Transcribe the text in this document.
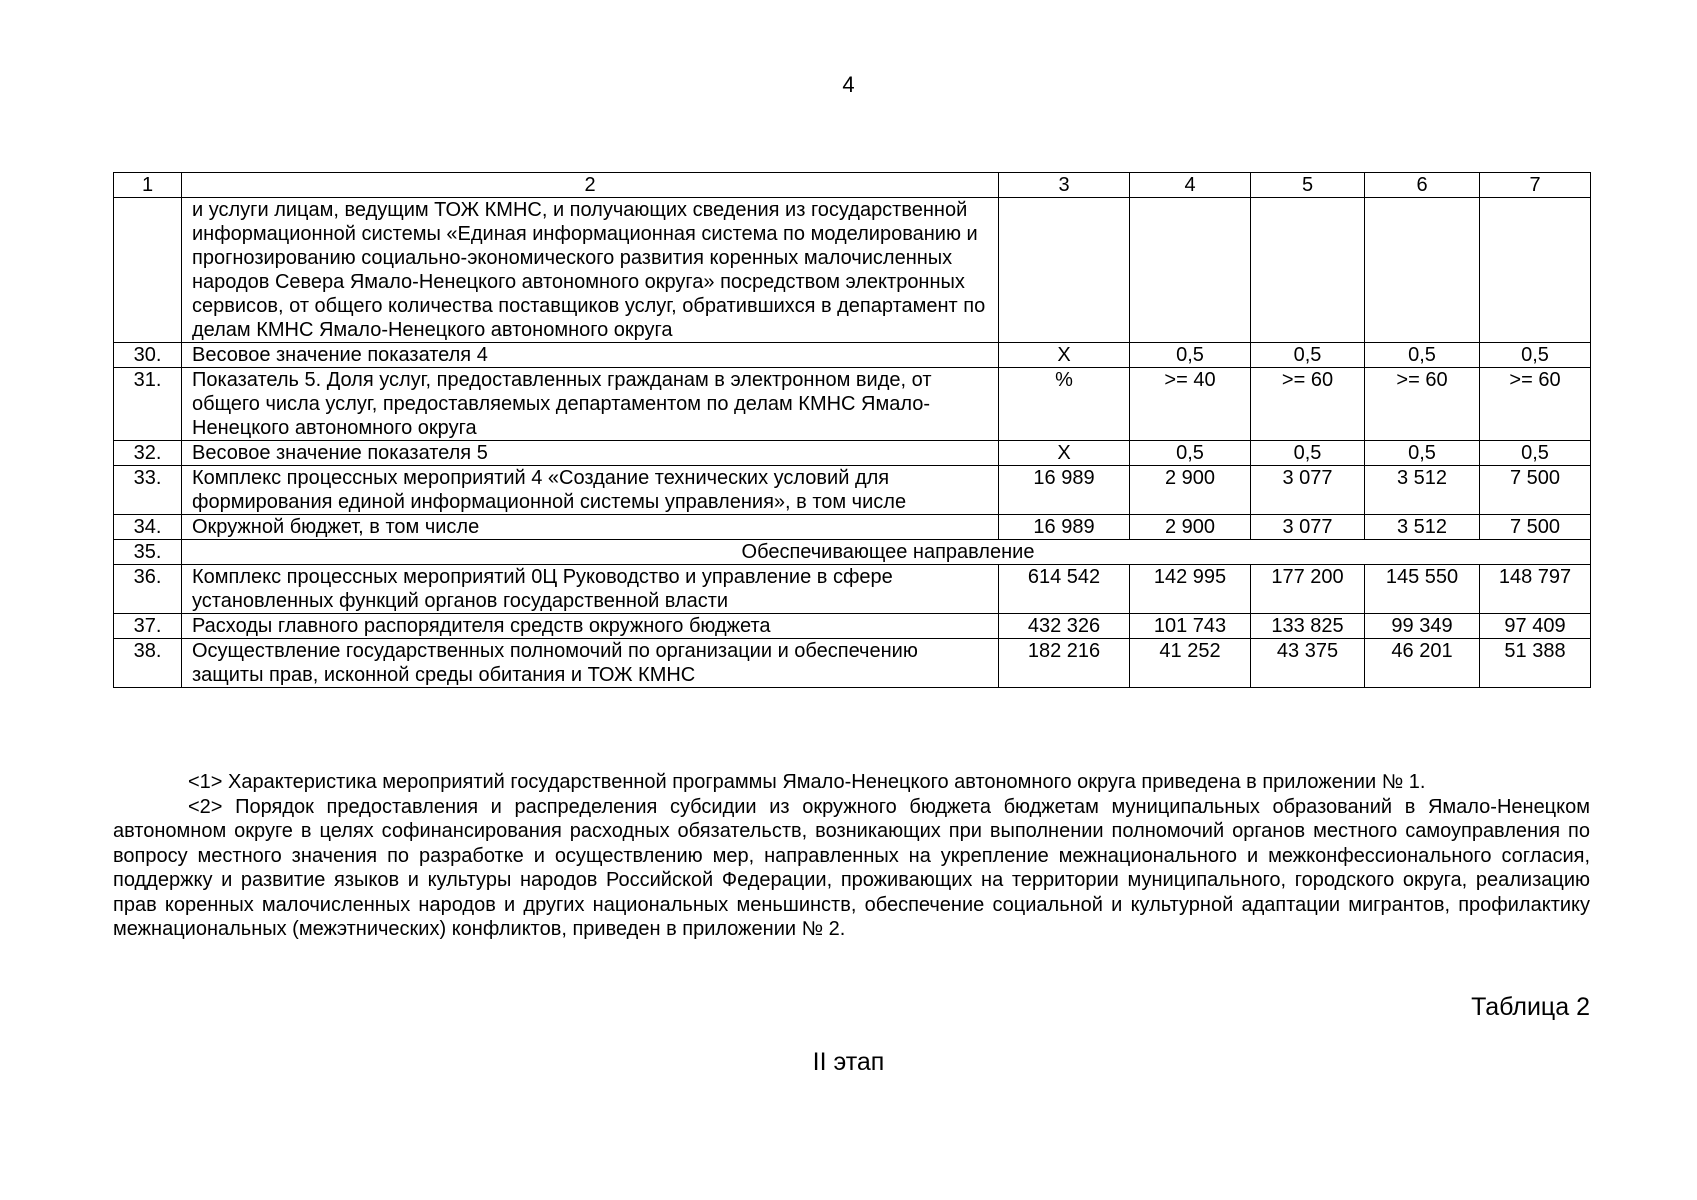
4
1	2	3	4	5	6	7
	и услуги лицам, ведущим ТОЖ КМНС, и получающих сведения из государственной информационной системы «Единая информационная система по моделированию и прогнозированию социально-экономического развития коренных малочисленных народов Севера Ямало-Ненецкого автономного округа» посредством электронных сервисов, от общего количества поставщиков услуг, обратившихся в департамент по делам КМНС Ямало-Ненецкого автономного округа					
30.	Весовое значение показателя 4	Х	0,5	0,5	0,5	0,5
31.	Показатель 5. Доля услуг, предоставленных гражданам в электронном виде, от общего числа услуг, предоставляемых департаментом по делам КМНС Ямало-Ненецкого автономного округа	%	>= 40	>= 60	>= 60	>= 60
32.	Весовое значение показателя 5	Х	0,5	0,5	0,5	0,5
33.	Комплекс процессных мероприятий 4 «Создание технических условий для формирования единой информационной системы управления», в том числе	16 989	2 900	3 077	3 512	7 500
34.	Окружной бюджет, в том числе	16 989	2 900	3 077	3 512	7 500
35.	Обеспечивающее направление					
36.	Комплекс процессных мероприятий 0Ц Руководство и управление в сфере установленных функций органов государственной власти	614 542	142 995	177 200	145 550	148 797
37.	Расходы главного распорядителя средств окружного бюджета	432 326	101 743	133 825	99 349	97 409
38.	Осуществление государственных полномочий по организации и обеспечению защиты прав, исконной среды обитания и ТОЖ КМНС	182 216	41 252	43 375	46 201	51 388

<1> Характеристика мероприятий государственной программы Ямало-Ненецкого автономного округа приведена в приложении № 1.

<2> Порядок предоставления и распределения субсидии из окружного бюджета бюджетам муниципальных образований в Ямало-Ненецком автономном округе в целях софинансирования расходных обязательств, возникающих при выполнении полномочий органов местного самоуправления по вопросу местного значения по разработке и осуществлению мер, направленных на укрепление межнационального и межконфессионального согласия, поддержку и развитие языков и культуры народов Российской Федерации, проживающих на территории муниципального, городского округа, реализацию прав коренных малочисленных народов и других национальных меньшинств, обеспечение социальной и культурной адаптации мигрантов, профилактику межнациональных (межэтнических) конфликтов, приведен в приложении № 2.

Таблица 2
II этап
